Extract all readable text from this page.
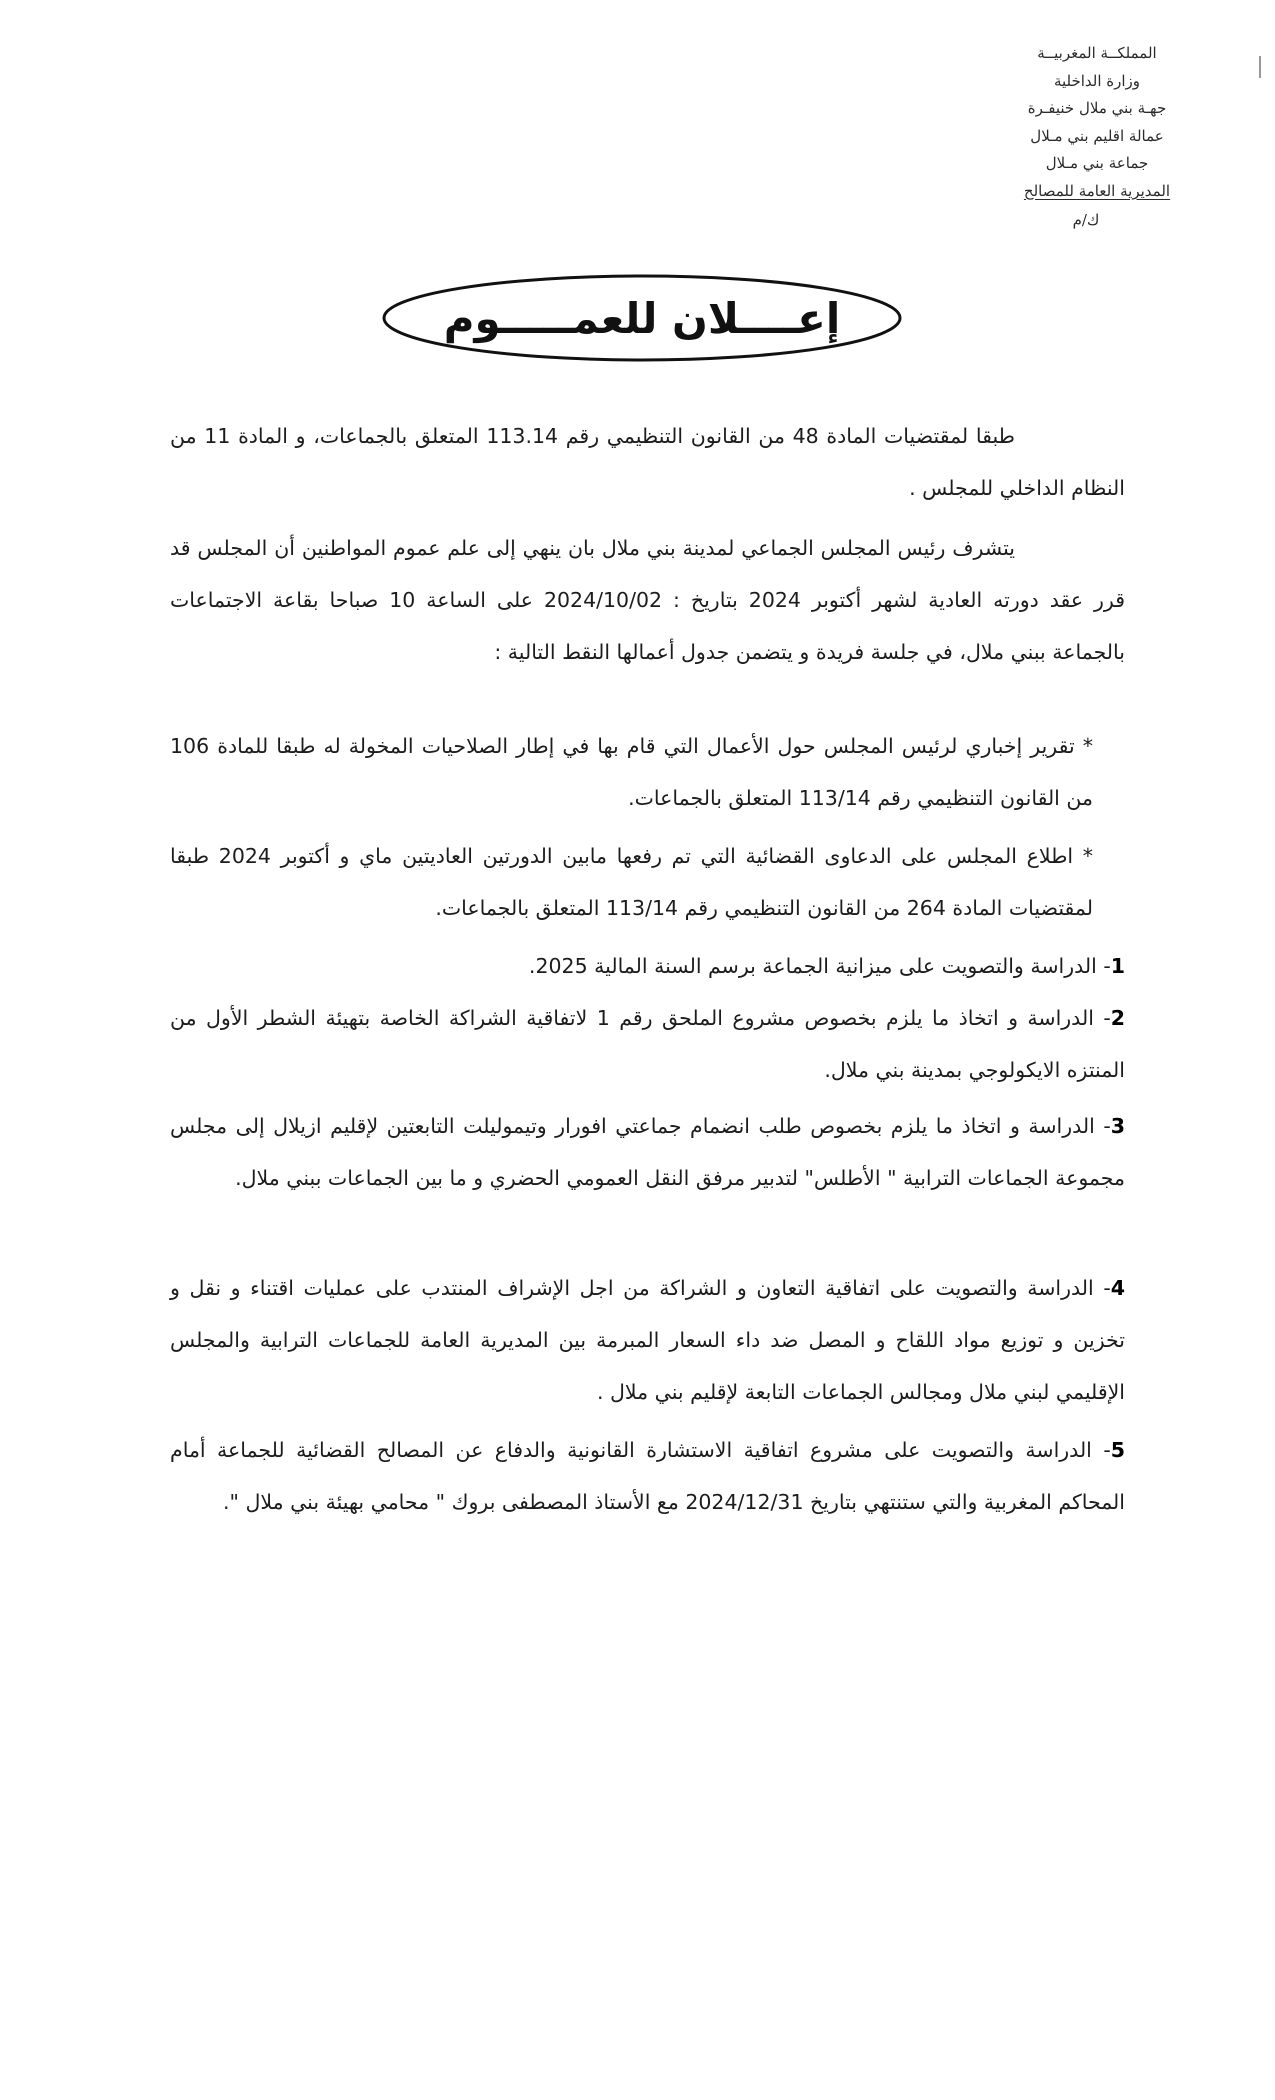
المملكــة المغربيــة
وزارة الداخلية
جهـة بني ملال خنيفـرة
عمالة اقليم بني مـلال
جماعة بني مـلال
المديرية العامة للمصالح
ك/م
إعــــلان للعمـــــوم
طبقا لمقتضيات المادة 48 من القانون التنظيمي رقم 113.14 المتعلق بالجماعات، و المادة 11 من النظام الداخلي للمجلس .
يتشرف رئيس المجلس الجماعي لمدينة بني ملال بان ينهي إلى علم عموم المواطنين أن المجلس قد قرر عقد دورته العادية لشهر أكتوبر 2024 بتاريخ : 2024/10/02 على الساعة 10 صباحا بقاعة الاجتماعات بالجماعة ببني ملال، في جلسة فريدة و يتضمن جدول أعمالها النقط التالية :
* تقرير إخباري لرئيس المجلس حول الأعمال التي قام بها في إطار الصلاحيات المخولة له طبقا للمادة 106 من القانون التنظيمي رقم 113/14 المتعلق بالجماعات.
* اطلاع المجلس على الدعاوى القضائية التي تم رفعها مابين الدورتين العاديتين ماي و أكتوبر 2024 طبقا لمقتضيات المادة 264 من القانون التنظيمي رقم 113/14 المتعلق بالجماعات.
1- الدراسة والتصويت على ميزانية الجماعة برسم السنة المالية 2025.
2- الدراسة و اتخاذ ما يلزم بخصوص مشروع الملحق رقم 1 لاتفاقية الشراكة الخاصة بتهيئة الشطر الأول من المنتزه الايكولوجي بمدينة بني ملال.
3- الدراسة و اتخاذ ما يلزم بخصوص طلب انضمام جماعتي افورار وتيموليلت التابعتين لإقليم ازيلال إلى مجلس مجموعة الجماعات الترابية " الأطلس" لتدبير مرفق النقل العمومي الحضري و ما بين الجماعات ببني ملال.
4- الدراسة والتصويت على اتفاقية التعاون و الشراكة من اجل الإشراف المنتدب على عمليات اقتناء و نقل و تخزين و توزيع مواد اللقاح و المصل ضد داء السعار المبرمة بين المديرية العامة للجماعات الترابية والمجلس الإقليمي لبني ملال ومجالس الجماعات التابعة لإقليم بني ملال .
5- الدراسة والتصويت على مشروع اتفاقية الاستشارة القانونية والدفاع عن المصالح القضائية للجماعة أمام المحاكم المغربية والتي ستنتهي بتاريخ 2024/12/31 مع الأستاذ المصطفى بروك " محامي بهيئة بني ملال ".
